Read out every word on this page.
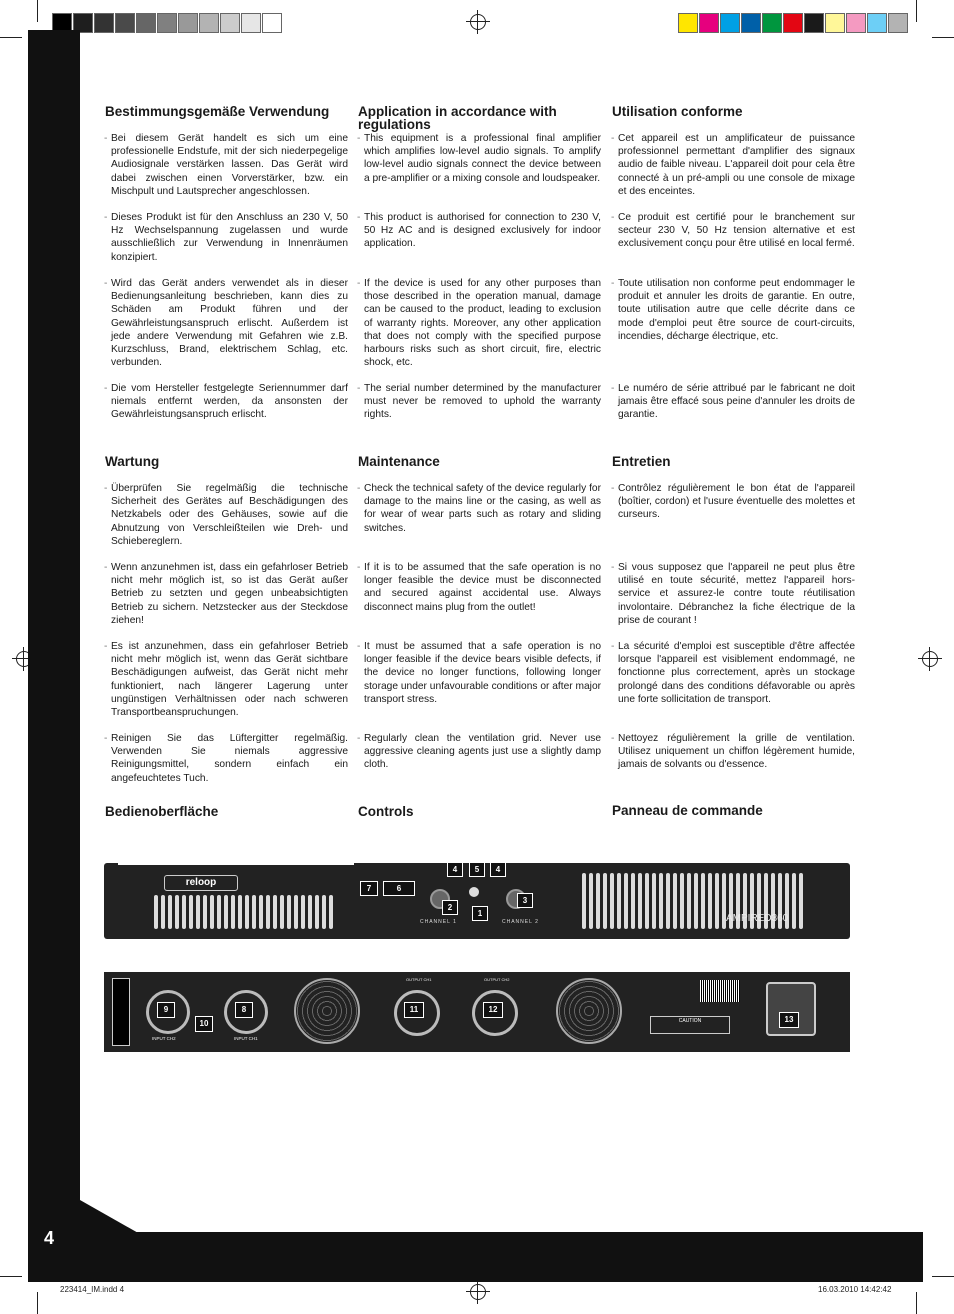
4
Bestimmungsgemäße Verwendung
- Bei diesem Gerät handelt es sich um eine professionelle Endstufe, mit der sich niederpegelige Audiosignale verstärken lassen. Das Gerät wird dabei zwischen einen Vorverstärker, bzw. ein Mischpult und Lautsprecher angeschlossen.
- Dieses Produkt ist für den Anschluss an 230 V, 50 Hz Wechselspannung zugelassen und wurde ausschließlich zur Verwendung in Innenräumen konzipiert.
- Wird das Gerät anders verwendet als in dieser Bedienungsanleitung beschrieben, kann dies zu Schäden am Produkt führen und der Gewährleistungsanspruch erlischt. Außerdem ist jede andere Verwendung mit Gefahren wie z.B. Kurzschluss, Brand, elektrischem Schlag, etc. verbunden.
- Die vom Hersteller festgelegte Seriennummer darf niemals entfernt werden, da ansonsten der Gewährleistungsanspruch erlischt.
Wartung
- Überprüfen Sie regelmäßig die technische Sicherheit des Gerätes auf Beschädigungen des Netzkabels oder des Gehäuses, sowie auf die Abnutzung von Verschleißteilen wie Dreh- und Schiebereglern.
- Wenn anzunehmen ist, dass ein gefahrloser Betrieb nicht mehr möglich ist, so ist das Gerät außer Betrieb zu setzten und gegen unbeabsichtigten Betrieb zu sichern. Netzstecker aus der Steckdose ziehen!
- Es ist anzunehmen, dass ein gefahrloser Betrieb nicht mehr möglich ist, wenn das Gerät sichtbare Beschädigungen aufweist, das Gerät nicht mehr funktioniert, nach längerer Lagerung unter ungünstigen Verhältnissen oder nach schweren Transportbeanspruchungen.
- Reinigen Sie das Lüftergitter regelmäßig. Verwenden Sie niemals aggressive Reinigungsmittel, sondern einfach ein angefeuchtetes Tuch.
Bedienoberfläche
Application in accordance with regulations
- This equipment is a professional final amplifier which amplifies low-level audio signals. To amplify low-level audio signals connect the device between a pre-amplifier or a mixing console and loudspeaker.
- This product is authorised for connection to 230 V, 50 Hz AC and is designed exclusively for indoor application.
- If the device is used for any other purposes than those described in the operation manual, damage can be caused to the product, leading to exclusion of warranty rights. Moreover, any other application that does not comply with the specified purpose harbours risks such as short circuit, fire, electric shock, etc.
- The serial number determined by the manufacturer must never be removed to uphold the warranty rights.
Maintenance
- Check the technical safety of the device regularly for damage to the mains line or the casing, as well as for wear of wear parts such as rotary and sliding switches.
- If it is to be assumed that the safe operation is no longer feasible the device must be disconnected and secured against accidental use. Always disconnect mains plug from the outlet!
- It must be assumed that a safe operation is no longer feasible if the device bears visible defects, if the device no longer functions, following longer storage under unfavourable conditions or after major transport stress.
- Regularly clean the ventilation grid. Never use aggressive cleaning agents just use a slightly damp cloth.
Controls
Utilisation conforme
- Cet appareil est un amplificateur de puissance professionnel permettant d'amplifier des signaux audio de faible niveau. L'appareil doit pour cela être connecté à un pré-ampli ou une console de mixage et des enceintes.
- Ce produit est certifié pour le branchement sur secteur 230 V, 50 Hz tension alternative et est exclusivement conçu pour être utilisé en local fermé.
- Toute utilisation non conforme peut endommager le produit et annuler les droits de garantie. En outre, toute utilisation autre que celle décrite dans ce mode d'emploi peut être source de court-circuits, incendies, décharge électrique, etc.
- Le numéro de série attribué par le fabricant ne doit jamais être effacé sous peine d'annuler les droits de garantie.
Entretien
- Contrôlez régulièrement le bon état de l'appareil (boîtier, cordon) et l'usure éventuelle des molettes et curseurs.
- Si vous supposez que l'appareil ne peut plus être utilisé en toute sécurité, mettez l'appareil hors-service et assurez-le contre toute réutilisation involontaire. Débranchez la fiche électrique de la prise de courant !
- La sécurité d'emploi est susceptible d'être affectée lorsque l'appareil est visiblement endommagé, ne fonctionne plus correctement, après un stockage prolongé dans des conditions défavorable ou après une forte sollicitation de transport.
- Nettoyez régulièrement la grille de ventilation. Utilisez uniquement un chiffon légèrement humide, jamais de solvants ou d'essence.
Panneau de commande
reloop
CHANNEL 1	CHANNEL 2	AMPIRED360
4	5	4
7	6
2
1
3
INPUT CH2	INPUT CH1
OUTPUT CH1	OUTPUT CH2
CAUTION
9
10
8	11	12
13
223414_IM.indd 4	16.03.2010 14:42:42
